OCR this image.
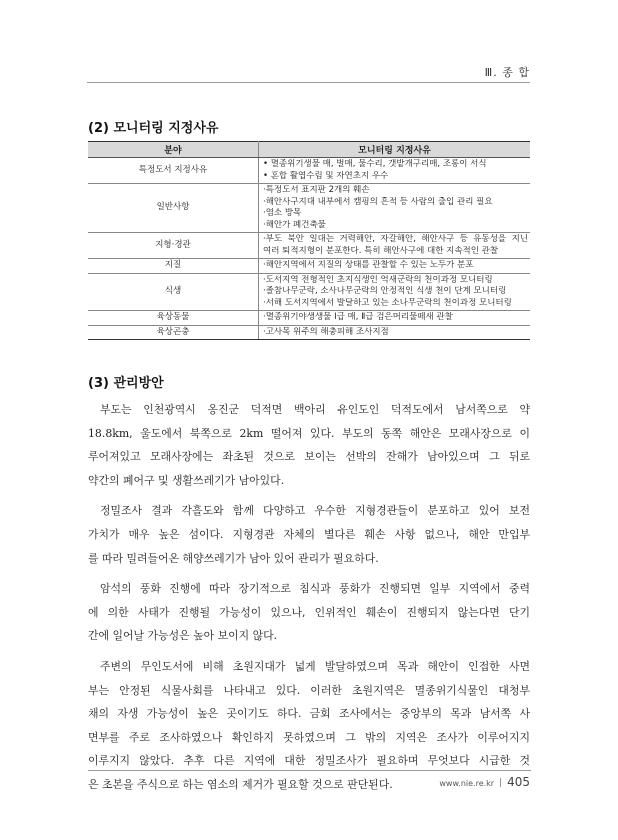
Ⅲ. 종 합
(2) 모니터링 지정사유
분야	모니터링 지정사유
특정도서 지정사유	• 멸종위기생물 매, 벌매, 물수리, 갯밭개구리매, 조롱이 서식
• 혼합 활엽수림 및 자연초지 우수

일반사항	·특정도서 표지판 2개의 훼손
·해안사구지대 내부에서 캠핑의 흔적 등 사람의 출입 관리 필요
·염소 방목
·해안가 폐건축물

지형·경관	·부도 북안 일대는 거력해안, 자갈해안, 해안사구 등 유동성을 지닌
여러 퇴적지형이 분포한다. 특히 해안사구에 대한 지속적인 관찰

지질	·해안지역에서 지질의 상태를 관찰할 수 있는 노두가 분포

식생	·도서지역 전형적인 초지식생인 억새군락의 천이과정 모니터링
·졸참나무군락, 소사나무군락의 안정적인 식생 천이 단계 모니터링
·서해 도서지역에서 발달하고 있는 소나무군락의 천이과정 모니터링

육상동물	·멸종위기야생생물 Ⅰ급 매, Ⅱ급 검은머리물떼새 관찰

육상곤충	·고사목 위주의 해충피해 조사지점
(3) 관리방안

부도는 인천광역시 옹진군 덕적면 백아리 유인도인 덕적도에서 남서쪽으로 약
18.8km, 울도에서 북쪽으로 2km 떨어져 있다. 부도의 동쪽 해안은 모래사장으로 이
루어져있고 모래사장에는 좌초된 것으로 보이는 선박의 잔해가 남아있으며 그 뒤로
약간의 폐어구 및 생활쓰레기가 남아있다.

정밀조사 결과 각흘도와 함께 다양하고 우수한 지형경관들이 분포하고 있어 보전
가치가 매우 높은 섬이다. 지형경관 자체의 별다른 훼손 사항 없으나, 해안 만입부
를 따라 밀려들어온 해양쓰레기가 남아 있어 관리가 필요하다.

암석의 풍화 진행에 따라 장기적으로 침식과 풍화가 진행되면 일부 지역에서 중력
에 의한 사태가 진행될 가능성이 있으나, 인위적인 훼손이 진행되지 않는다면 단기
간에 일어날 가능성은 높아 보이지 않다.

주변의 무인도서에 비해 초원지대가 넓게 발달하였으며 목과 해안이 인접한 사면
부는 안정된 식물사회를 나타내고 있다. 이러한 초원지역은 멸종위기식물인 대청부
채의 자생 가능성이 높은 곳이기도 하다. 금회 조사에서는 중앙부의 목과 남서쪽 사
면부를 주로 조사하였으나 확인하지 못하였으며 그 밖의 지역은 조사가 이루어지지
이루지지 않았다. 추후 다른 지역에 대한 정밀조사가 필요하며 무엇보다 시급한 것
은 초본을 주식으로 하는 염소의 제거가 필요할 것으로 판단된다.	www.nie.re.kr 405
